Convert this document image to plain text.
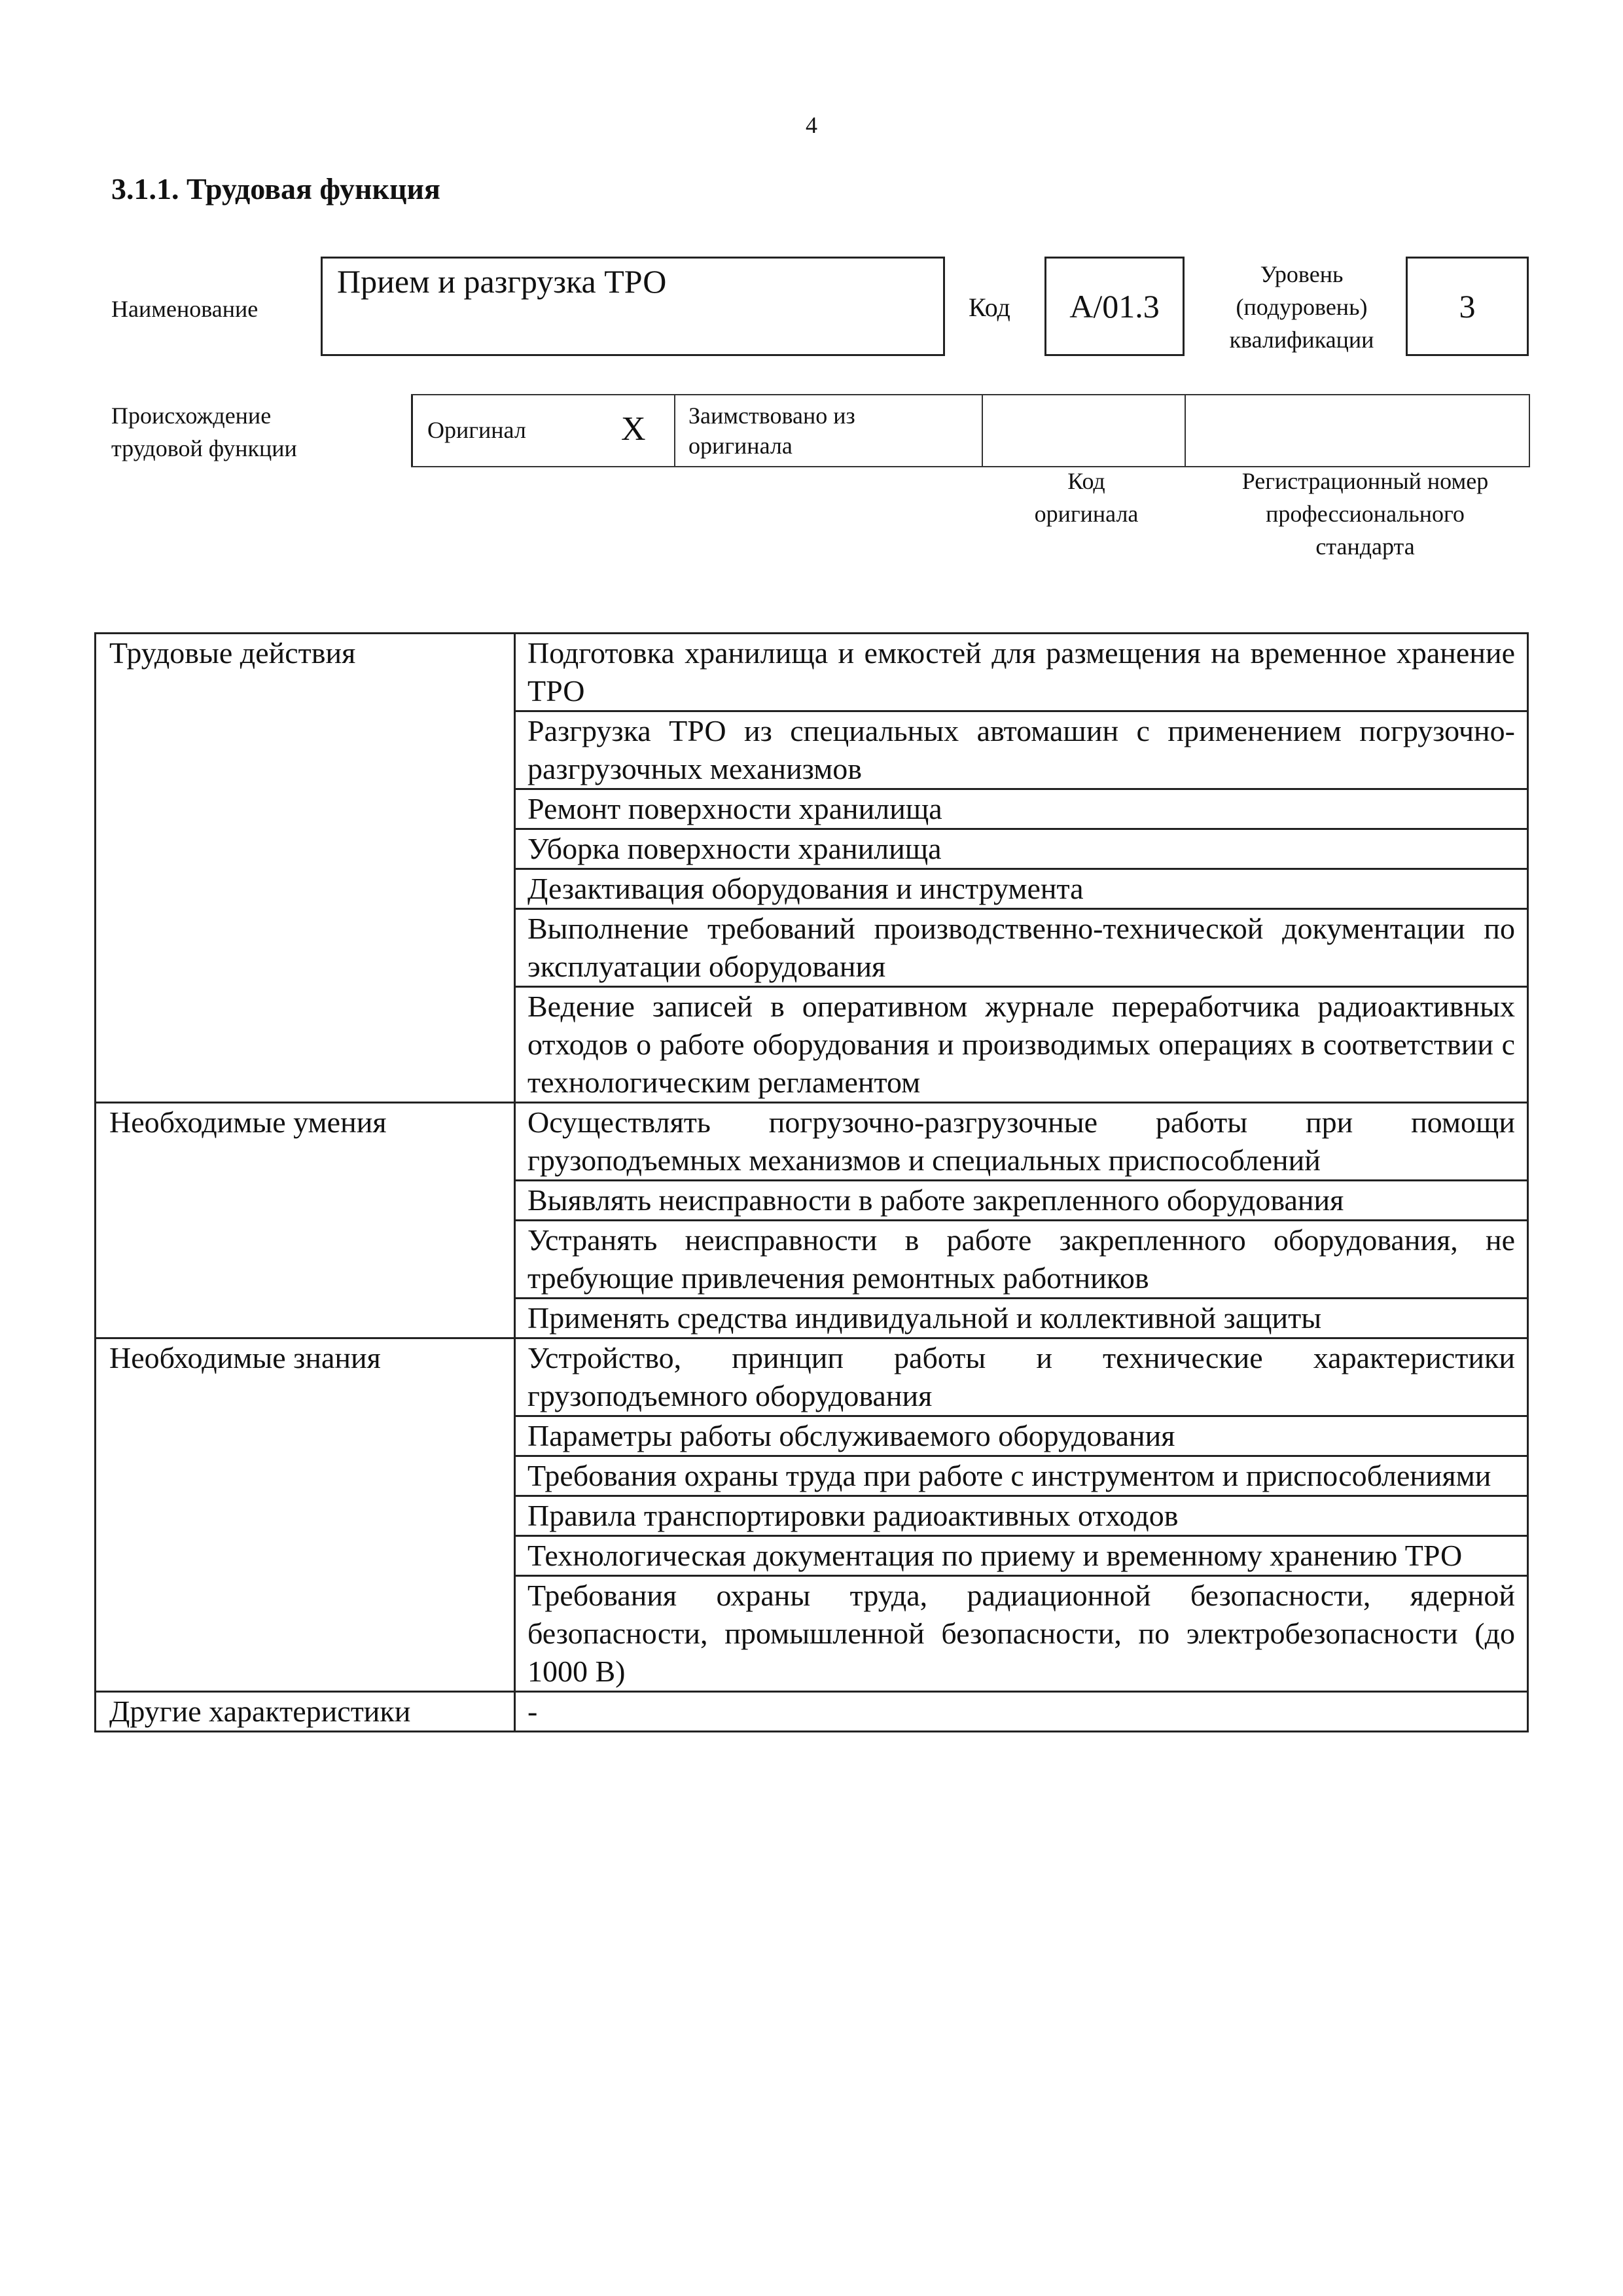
4
3.1.1. Трудовая функция
Наименование
Прием и разгрузка ТРО
Код	А/01.3
Уровень
(подуровень)
квалификации
3
Происхождение
трудовой функции
Оригинал	X Заимствовано из
оригинала
Код
оригинала
Регистрационный номер
профессионального
стандарта
Трудовые действия	Подготовка хранилища и емкостей для размещения на временное хранение ТРО
	Разгрузка ТРО из специальных автомашин с применением погрузочно-разгрузочных механизмов
	Ремонт поверхности хранилища
	Уборка поверхности хранилища
	Дезактивация оборудования и инструмента
	Выполнение требований производственно-технической документации по эксплуатации оборудования
	Ведение записей в оперативном журнале переработчика радиоактивных отходов о работе оборудования и производимых операциях в соответствии с технологическим регламентом
Необходимые умения	Осуществлять погрузочно-разгрузочные работы при помощи грузоподъемных механизмов и специальных приспособлений
	Выявлять неисправности в работе закрепленного оборудования
	Устранять неисправности в работе закрепленного оборудования, не требующие привлечения ремонтных работников
	Применять средства индивидуальной и коллективной защиты
Необходимые знания	Устройство, принцип работы и технические характеристики грузоподъемного оборудования
	Параметры работы обслуживаемого оборудования
	Требования охраны труда при работе с инструментом и приспособлениями
	Правила транспортировки радиоактивных отходов
	Технологическая документация по приему и временному хранению ТРО
	Требования охраны труда, радиационной безопасности, ядерной безопасности, промышленной безопасности, по электробезопасности (до 1000 В)
Другие характеристики	-
